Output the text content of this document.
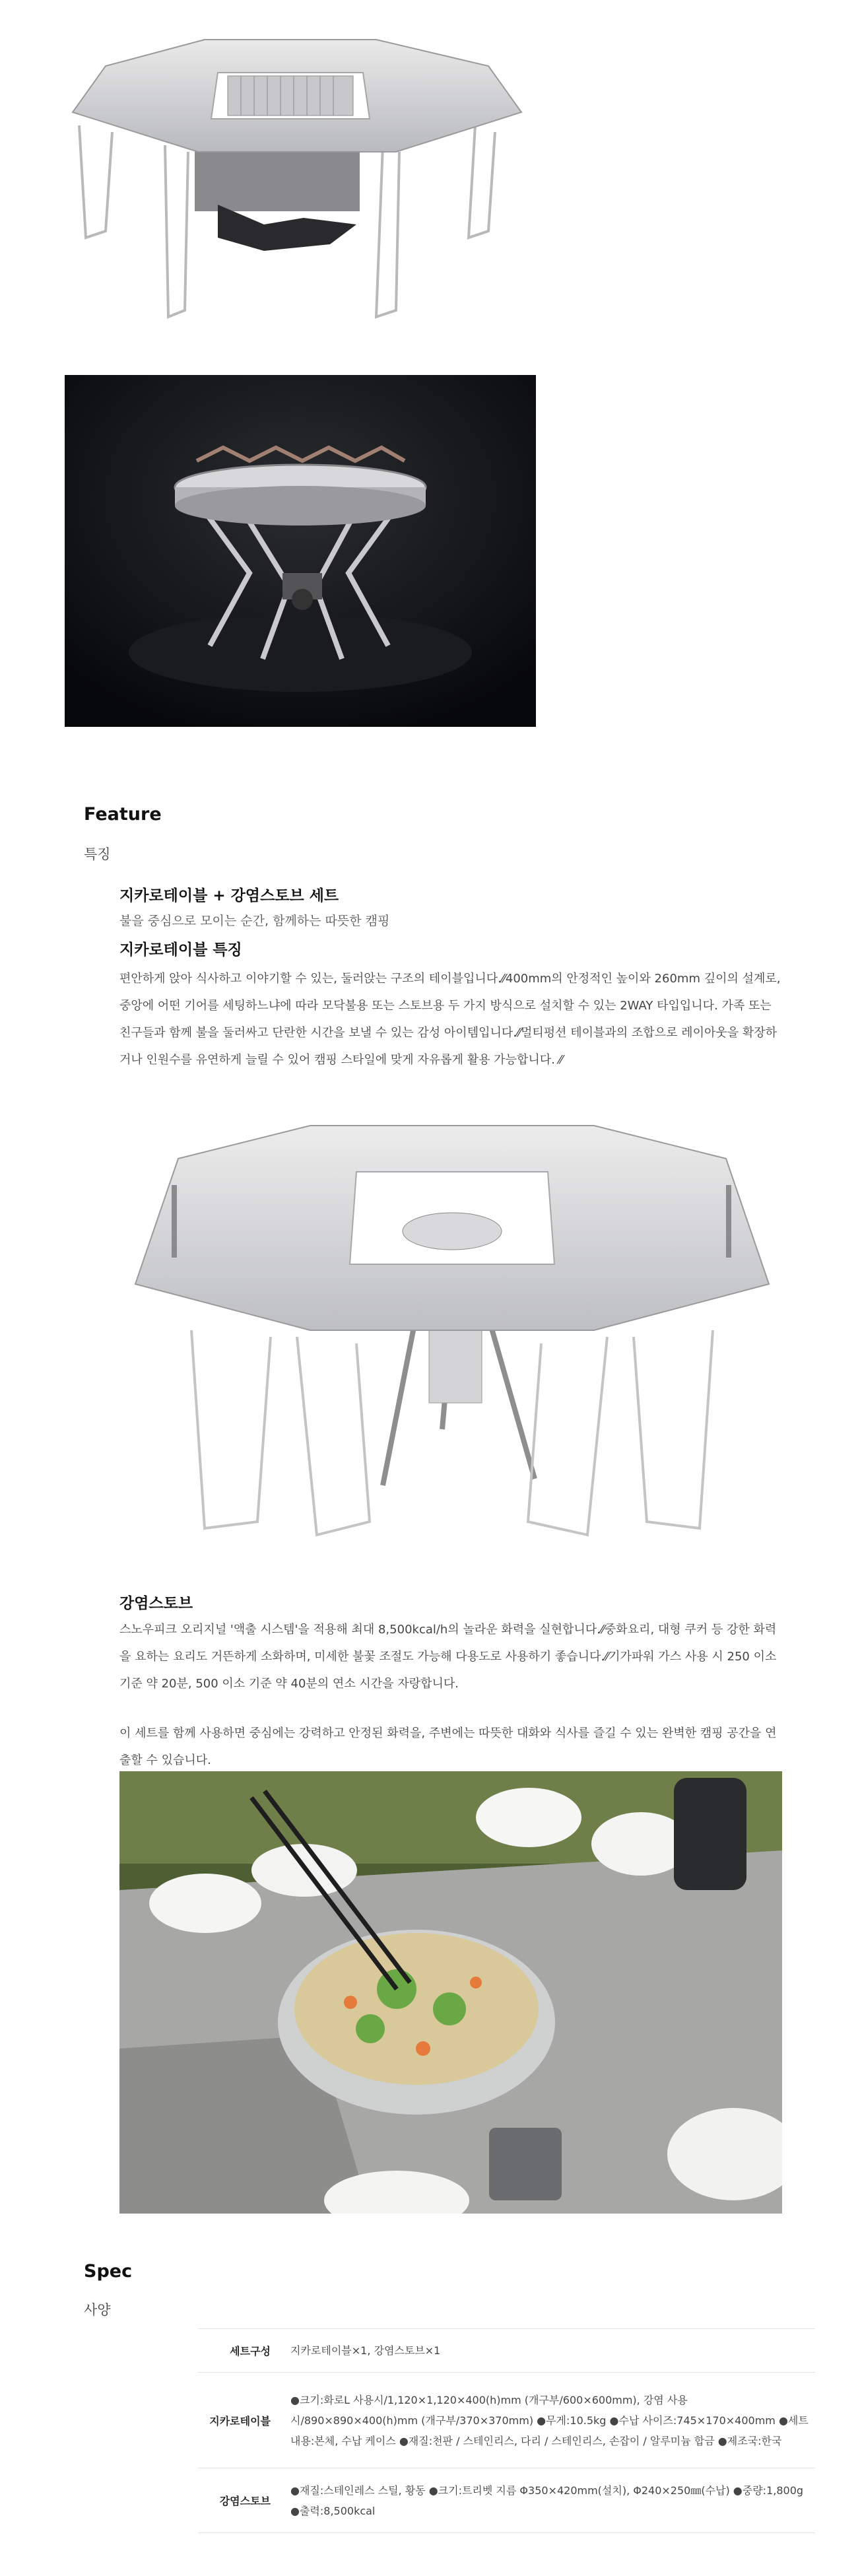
Feature
특징
지카로테이블 + 강염스토브 세트
불을 중심으로 모이는 순간, 함께하는 따뜻한 캠핑
지카로테이블 특징
편안하게 앉아 식사하고 이야기할 수 있는, 둘러앉는 구조의 테이블입니다.⁄⁄400mm의 안정적인 높이와 260mm 깊이의 설계로, 중앙에 어떤 기어를 세팅하느냐에 따라 모닥불용 또는 스토브용 두 가지 방식으로 설치할 수 있는 2WAY 타입입니다. 가족 또는 친구들과 함께 불을 둘러싸고 단란한 시간을 보낼 수 있는 감성 아이템입니다.⁄⁄멀티펑션 테이블과의 조합으로 레이아웃을 확장하거나 인원수를 유연하게 늘릴 수 있어 캠핑 스타일에 맞게 자유롭게 활용 가능합니다. ⁄⁄
강염스토브
스노우피크 오리지널 '액출 시스템'을 적용해 최대 8,500kcal/h의 놀라운 화력을 실현합니다.⁄⁄중화요리, 대형 쿠커 등 강한 화력을 요하는 요리도 거뜬하게 소화하며, 미세한 불꽃 조절도 가능해 다용도로 사용하기 좋습니다.⁄⁄기가파워 가스 사용 시 250 이소 기준 약 20분, 500 이소 기준 약 40분의 연소 시간을 자랑합니다.
이 세트를 함께 사용하면 중심에는 강력하고 안정된 화력을, 주변에는 따뜻한 대화와 식사를 즐길 수 있는 완벽한 캠핑 공간을 연출할 수 있습니다.
Spec
사양
세트구성	지카로테이블×1, 강염스토브×1
지카로테이블	●크기:화로L 사용시/1,120×1,120×400(h)mm (개구부/600×600mm), 강염 사용시/890×890×400(h)mm (개구부/370×370mm) ●무게:10.5kg ●수납 사이즈:745×170×400mm ●세트 내용:본체, 수납 케이스 ●재질:천판 / 스테인리스, 다리 / 스테인리스, 손잡이 / 알루미늄 합금 ●제조국:한국
강염스토브	●재질:스테인레스 스틸, 황동 ●크기:트리벳 지름 Φ350×420mm(설치), Φ240×250㎜(수납) ●중량:1,800g ●출력:8,500kcal
